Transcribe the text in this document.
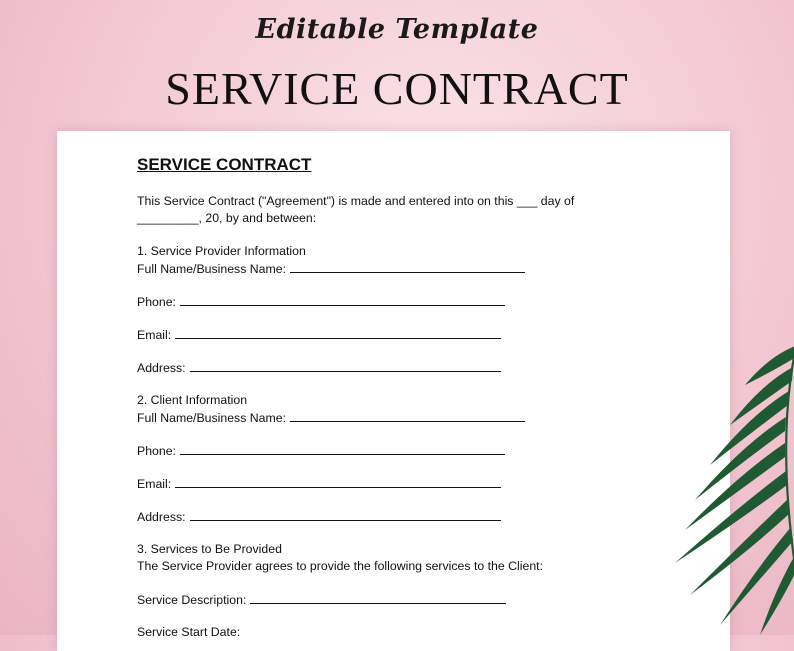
Editable Template
SERVICE CONTRACT
SERVICE CONTRACT
This Service Contract ("Agreement") is made and entered into on this ___ day of
_________, 20, by and between:
1. Service Provider Information
Full Name/Business Name:
Phone:
Email:
Address:
2. Client Information
Full Name/Business Name:
Phone:
Email:
Address:
3. Services to Be Provided
The Service Provider agrees to provide the following services to the Client:
Service Description:
Service Start Date:
